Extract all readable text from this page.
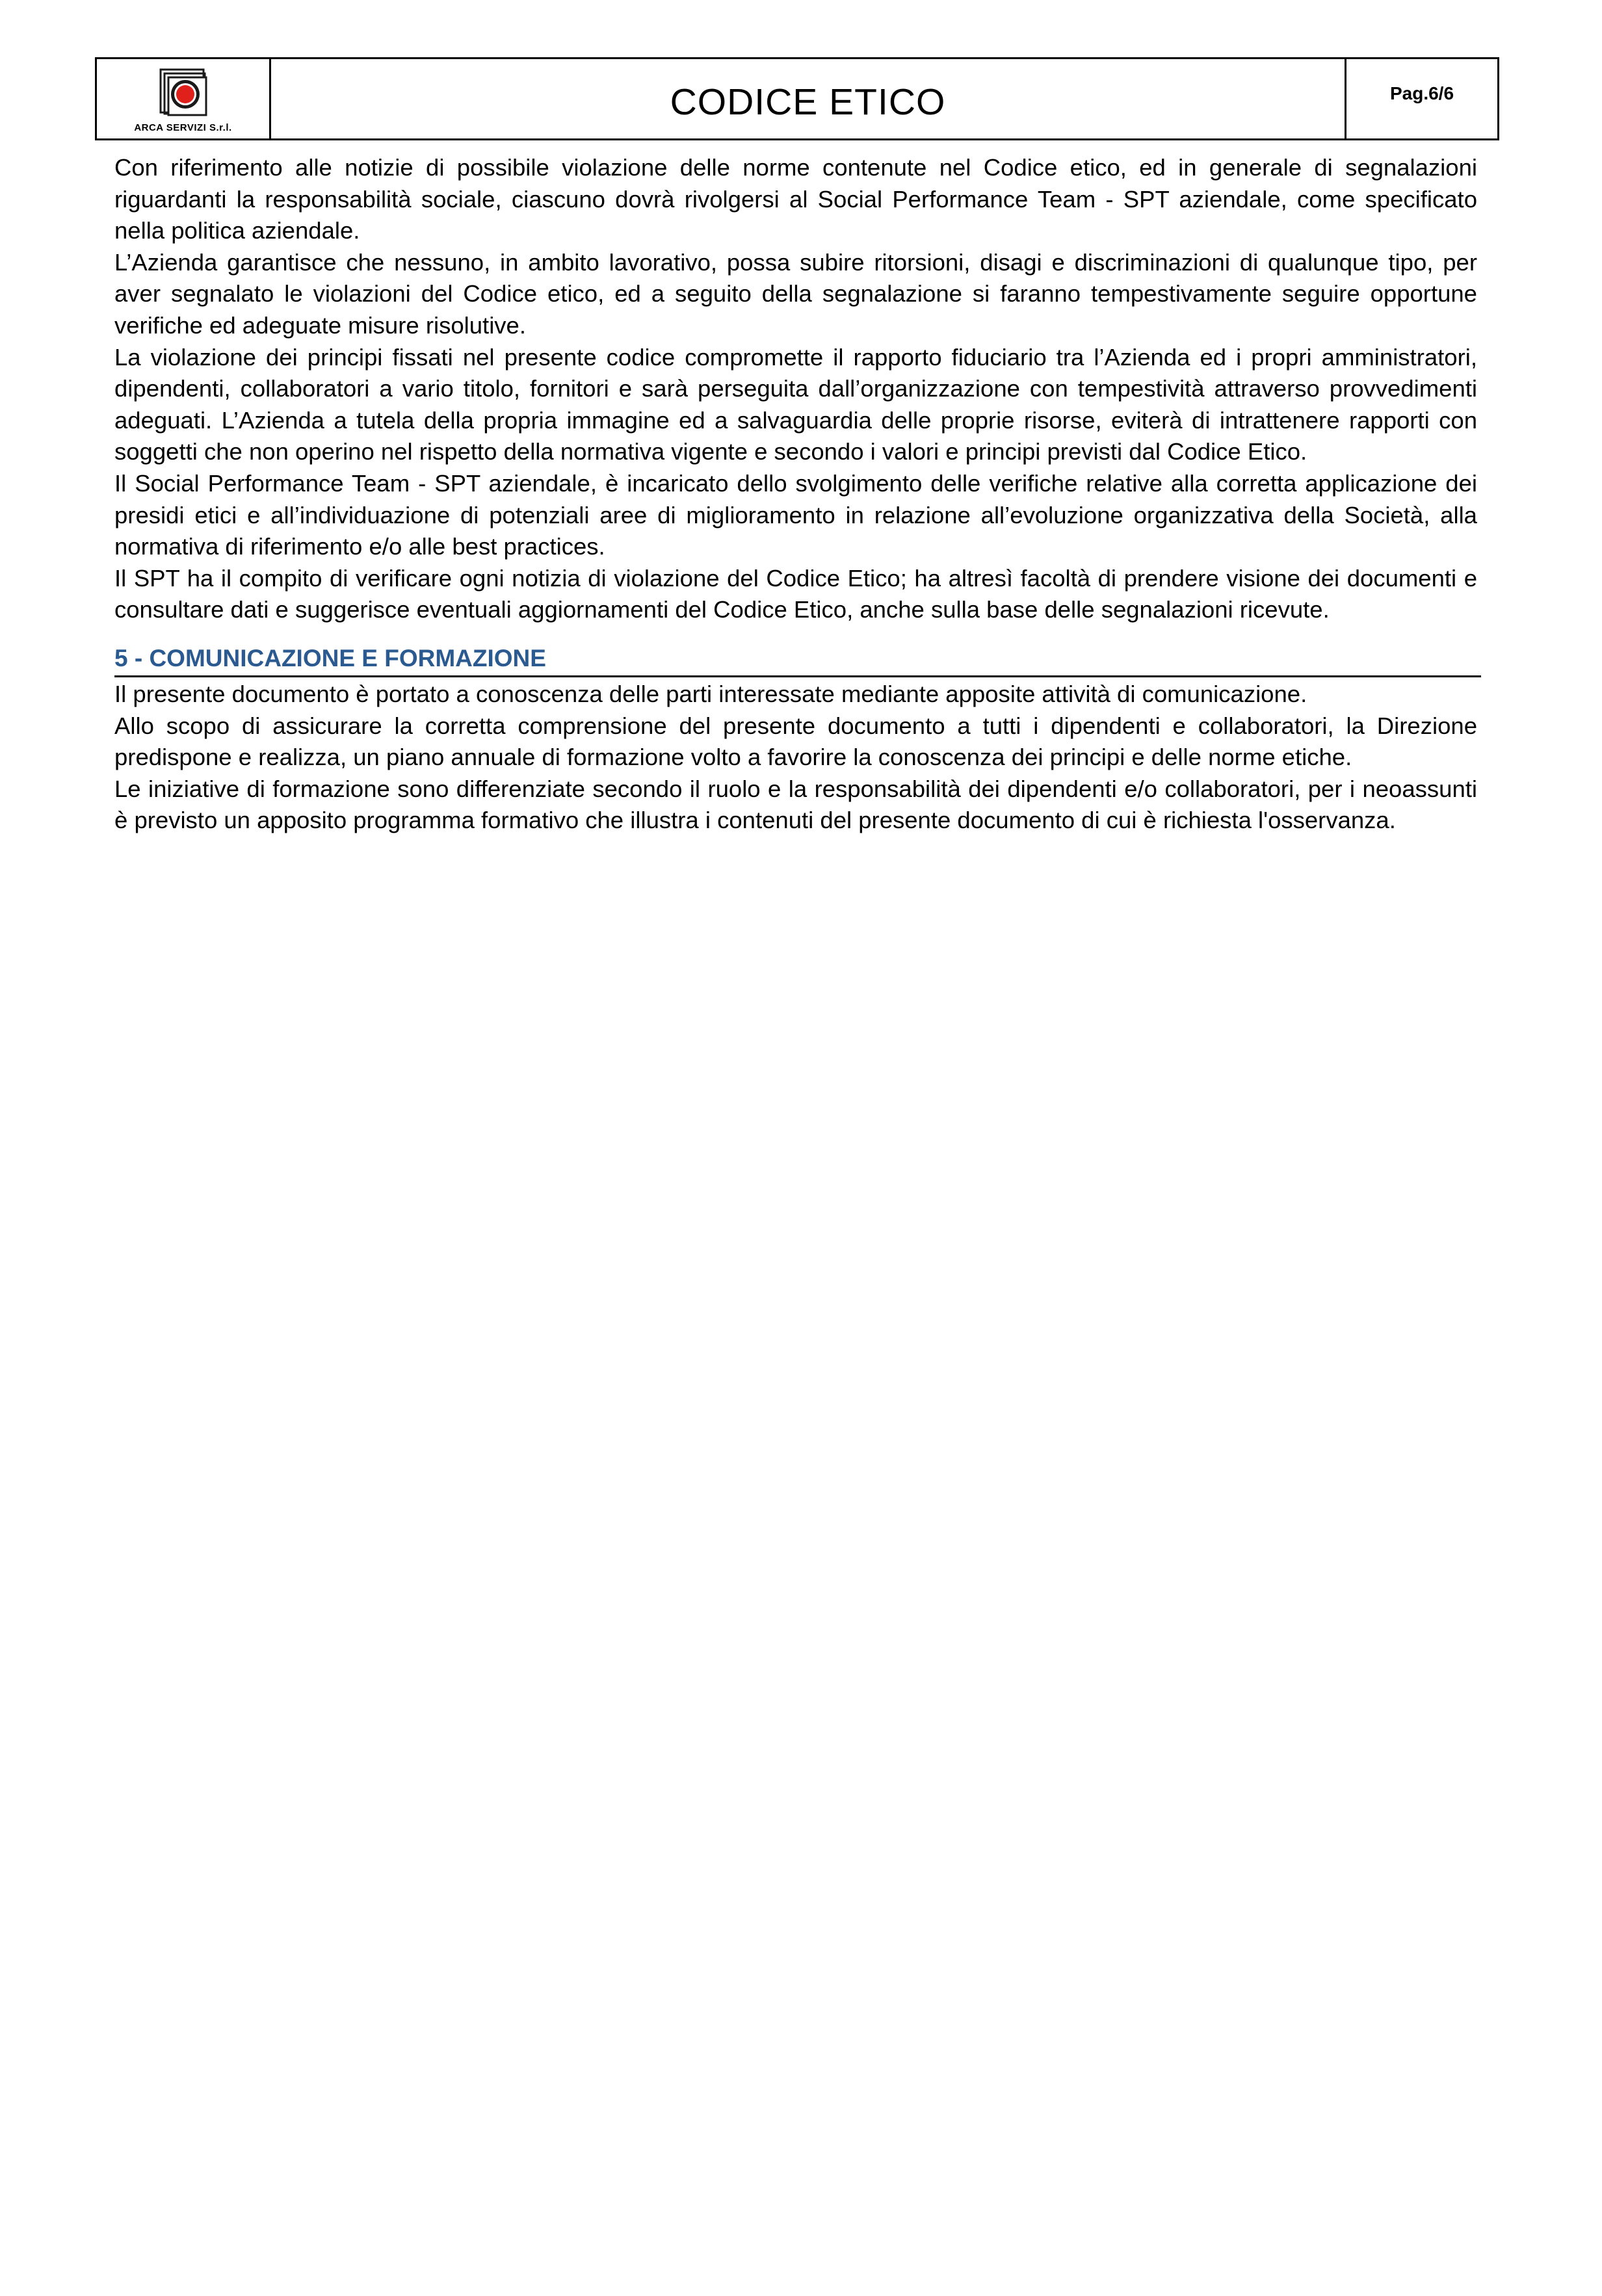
ARCA SERVIZI S.r.l.
CODICE ETICO	Pag.6/6

Con riferimento alle notizie di possibile violazione delle norme contenute nel Codice etico, ed in generale di segnalazioni riguardanti la responsabilità sociale, ciascuno dovrà rivolgersi al Social Performance Team - SPT aziendale, come specificato nella politica aziendale.

L’Azienda garantisce che nessuno, in ambito lavorativo, possa subire ritorsioni, disagi e discriminazioni di qualunque tipo, per aver segnalato le violazioni del Codice etico, ed a seguito della segnalazione si faranno tempestivamente seguire opportune verifiche ed adeguate misure risolutive.

La violazione dei principi fissati nel presente codice compromette il rapporto fiduciario tra l’Azienda ed i propri amministratori, dipendenti, collaboratori a vario titolo, fornitori e sarà perseguita dall’organizzazione con tempestività attraverso provvedimenti adeguati. L’Azienda a tutela della propria immagine ed a salvaguardia delle proprie risorse, eviterà di intrattenere rapporti con soggetti che non operino nel rispetto della normativa vigente e secondo i valori e principi previsti dal Codice Etico.

Il Social Performance Team - SPT aziendale, è incaricato dello svolgimento delle verifiche relative alla corretta applicazione dei presidi etici e all’individuazione di potenziali aree di miglioramento in relazione all’evoluzione organizzativa della Società, alla normativa di riferimento e/o alle best practices.

Il SPT ha il compito di verificare ogni notizia di violazione del Codice Etico; ha altresì facoltà di prendere visione dei documenti e consultare dati e suggerisce eventuali aggiornamenti del Codice Etico, anche sulla base delle segnalazioni ricevute.

5 - COMUNICAZIONE E FORMAZIONE

Il presente documento è portato a conoscenza delle parti interessate mediante apposite attività di comunicazione.

Allo scopo di assicurare la corretta comprensione del presente documento a tutti i dipendenti e collaboratori, la Direzione predispone e realizza, un piano annuale di formazione volto a favorire la conoscenza dei principi e delle norme etiche.

Le iniziative di formazione sono differenziate secondo il ruolo e la responsabilità dei dipendenti e/o collaboratori, per i neoassunti è previsto un apposito programma formativo che illustra i contenuti del presente documento di cui è richiesta l'osservanza.
